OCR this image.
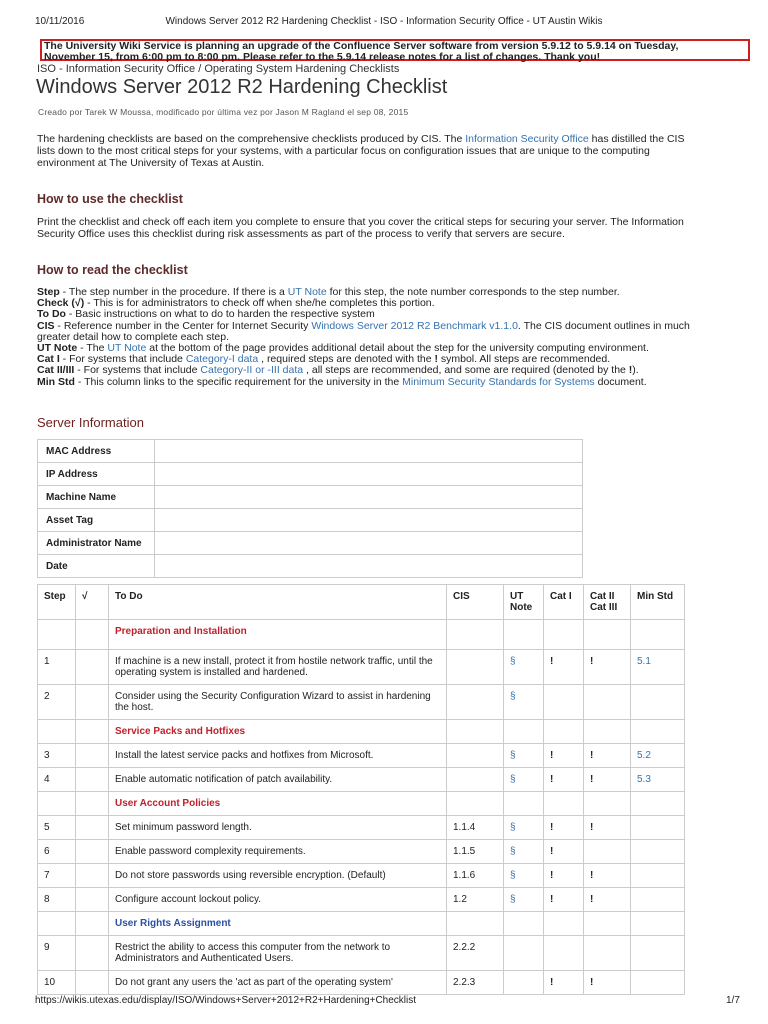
10/11/2016	Windows Server 2012 R2 Hardening Checklist - ISO - Information Security Office - UT Austin Wikis
The University Wiki Service is planning an upgrade of the Confluence Server software from version 5.9.12 to 5.9.14 on Tuesday,
November 15, from 6:00 pm to 8:00 pm. Please refer to the 5.9.14 release notes for a list of changes. Thank you!
ISO - Information Security Office / Operating System Hardening Checklists
Windows Server 2012 R2 Hardening Checklist
Creado por Tarek W Moussa, modificado por última vez por Jason M Ragland el sep 08, 2015

The hardening checklists are based on the comprehensive checklists produced by CIS. The Information Security Office has distilled the CIS lists down to the most critical steps for your systems, with a particular focus on configuration issues that are unique to the computing environment at The University of Texas at Austin.

How to use the checklist

Print the checklist and check off each item you complete to ensure that you cover the critical steps for securing your server. The Information Security Office uses this checklist during risk assessments as part of the process to verify that servers are secure.

How to read the checklist
Step - The step number in the procedure. If there is a UT Note for this step, the note number corresponds to the step number.
Check (√) - This is for administrators to check off when she/he completes this portion.
To Do - Basic instructions on what to do to harden the respective system
CIS - Reference number in the Center for Internet Security Windows Server 2012 R2 Benchmark v1.1.0. The CIS document outlines in much greater detail how to complete each step.
UT Note - The UT Note at the bottom of the page provides additional detail about the step for the university computing environment.
Cat I - For systems that include Category-I data , required steps are denoted with the ! symbol. All steps are recommended.
Cat II/III - For systems that include Category-II or -III data , all steps are recommended, and some are required (denoted by the !).
Min Std - This column links to the specific requirement for the university in the Minimum Security Standards for Systems document.
Server Information
MAC Address	
IP Address	
Machine Name	
Asset Tag	
Administrator Name	
Date	
Step	√	To Do	CIS	UT Note	Cat I	Cat II Cat III	Min Std
		Preparation and Installation					
1		If machine is a new install, protect it from hostile network traffic, until the operating system is installed and hardened.		§	!	!	5.1
2		Consider using the Security Configuration Wizard to assist in hardening the host.		§			
		Service Packs and Hotfixes					
3		Install the latest service packs and hotfixes from Microsoft.		§	!	!	5.2
4		Enable automatic notification of patch availability.		§	!	!	5.3
		User Account Policies					
5		Set minimum password length.	1.1.4	§	!	!	
6		Enable password complexity requirements.	1.1.5	§	!		
7		Do not store passwords using reversible encryption. (Default)	1.1.6	§	!	!	
8		Configure account lockout policy.	1.2	§	!	!	
		User Rights Assignment					
9		Restrict the ability to access this computer from the network to Administrators and Authenticated Users.	2.2.2				
10		Do not grant any users the 'act as part of the operating system'	2.2.3		!	!	
https://wikis.utexas.edu/display/ISO/Windows+Server+2012+R2+Hardening+Checklist	1/7
